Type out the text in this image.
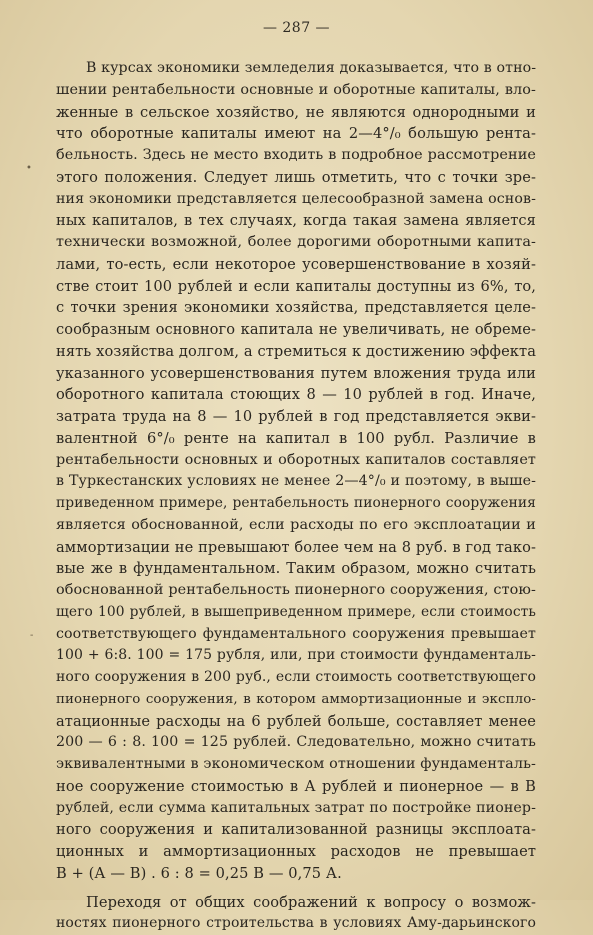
— 287 —
•
-
В курсах экономики земледелия доказывается, что в отно-
шении рентабельности основные и оборотные капиталы, вло-
женные в сельское хозяйство, не являются однородными и
что оборотные капиталы имеют на 2—4°/₀ большую рента-
бельность. Здесь не место входить в подробное рассмотрение
этого положения. Следует лишь отметить, что с точки зре-
ния экономики представляется целесообразной замена основ-
ных капиталов, в тех случаях, когда такая замена является
технически возможной, более дорогими оборотными капита-
лами, то-есть, если некоторое усовершенствование в хозяй-
стве стоит 100 рублей и если капиталы доступны из 6%, то,
с точки зрения экономики хозяйства, представляется целе-
сообразным основного капитала не увеличивать, не обреме-
нять хозяйства долгом, а стремиться к достижению эффекта
указанного усовершенствования путем вложения труда или
оборотного капитала стоющих 8 — 10 рублей в год. Иначе,
затрата труда на 8 — 10 рублей в год представляется экви-
валентной 6°/₀ ренте на капитал в 100 рубл. Различие в
рентабельности основных и оборотных капиталов составляет
в Туркестанских условиях не менее 2—4°/₀ и поэтому, в выше-
приведенном примере, рентабельность пионерного сооружения
является обоснованной, если расходы по его эксплоатации и
аммортизации не превышают более чем на 8 руб. в год тако-
вые же в фундаментальном. Таким образом, можно считать
обоснованной рентабельность пионерного сооружения, стою-
щего 100 рублей, в вышеприведенном примере, если стоимость
соответствующего фундаментального сооружения превышает
100 + 6:8. 100 = 175 рубля, или, при стоимости фундаменталь-
ного сооружения в 200 руб., если стоимость соответствующего
пионерного сооружения, в котором аммортизационные и экспло-
атационные расходы на 6 рублей больше, составляет менее
200 — 6 : 8. 100 = 125 рублей. Следовательно, можно считать
эквивалентными в экономическом отношении фундаменталь-
ное сооружение стоимостью в А рублей и пионерное — в В
рублей, если сумма капитальных затрат по постройке пионер-
ного сооружения и капитализованной разницы эксплоата-
ционных и аммортизационных расходов не превышает
В + (А — В) . 6 : 8 = 0,25 В — 0,75 А.
Переходя от общих соображений к вопросу о возмож-
ностях пионерного строительства в условиях Аму-дарьинского
